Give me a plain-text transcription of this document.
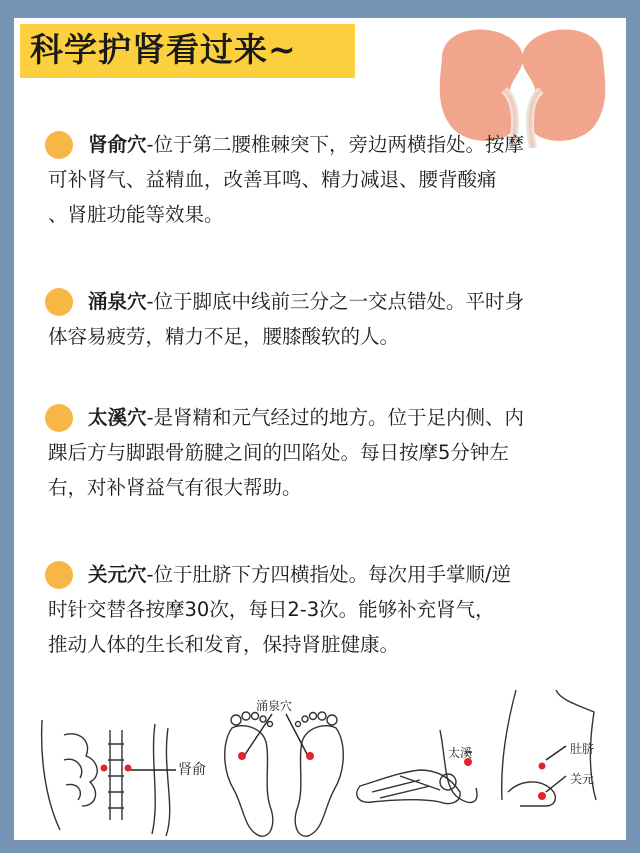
科学护肾看过来~
肾俞穴-位于第二腰椎棘突下，旁边两横指处。按摩
可补肾气、益精血，改善耳鸣、精力减退、腰背酸痛
、肾脏功能等效果。
涌泉穴-位于脚底中线前三分之一交点错处。平时身
体容易疲劳，精力不足，腰膝酸软的人。
太溪穴-是肾精和元气经过的地方。位于足内侧、内
踝后方与脚跟骨筋腱之间的凹陷处。每日按摩5分钟左
右，对补肾益气有很大帮助。
关元穴-位于肚脐下方四横指处。每次用手掌顺/逆
时针交替各按摩30次，每日2-3次。能够补充肾气，
推动人体的生长和发育，保持肾脏健康。
肾俞
涌泉穴
太溪	肚脐
关元
